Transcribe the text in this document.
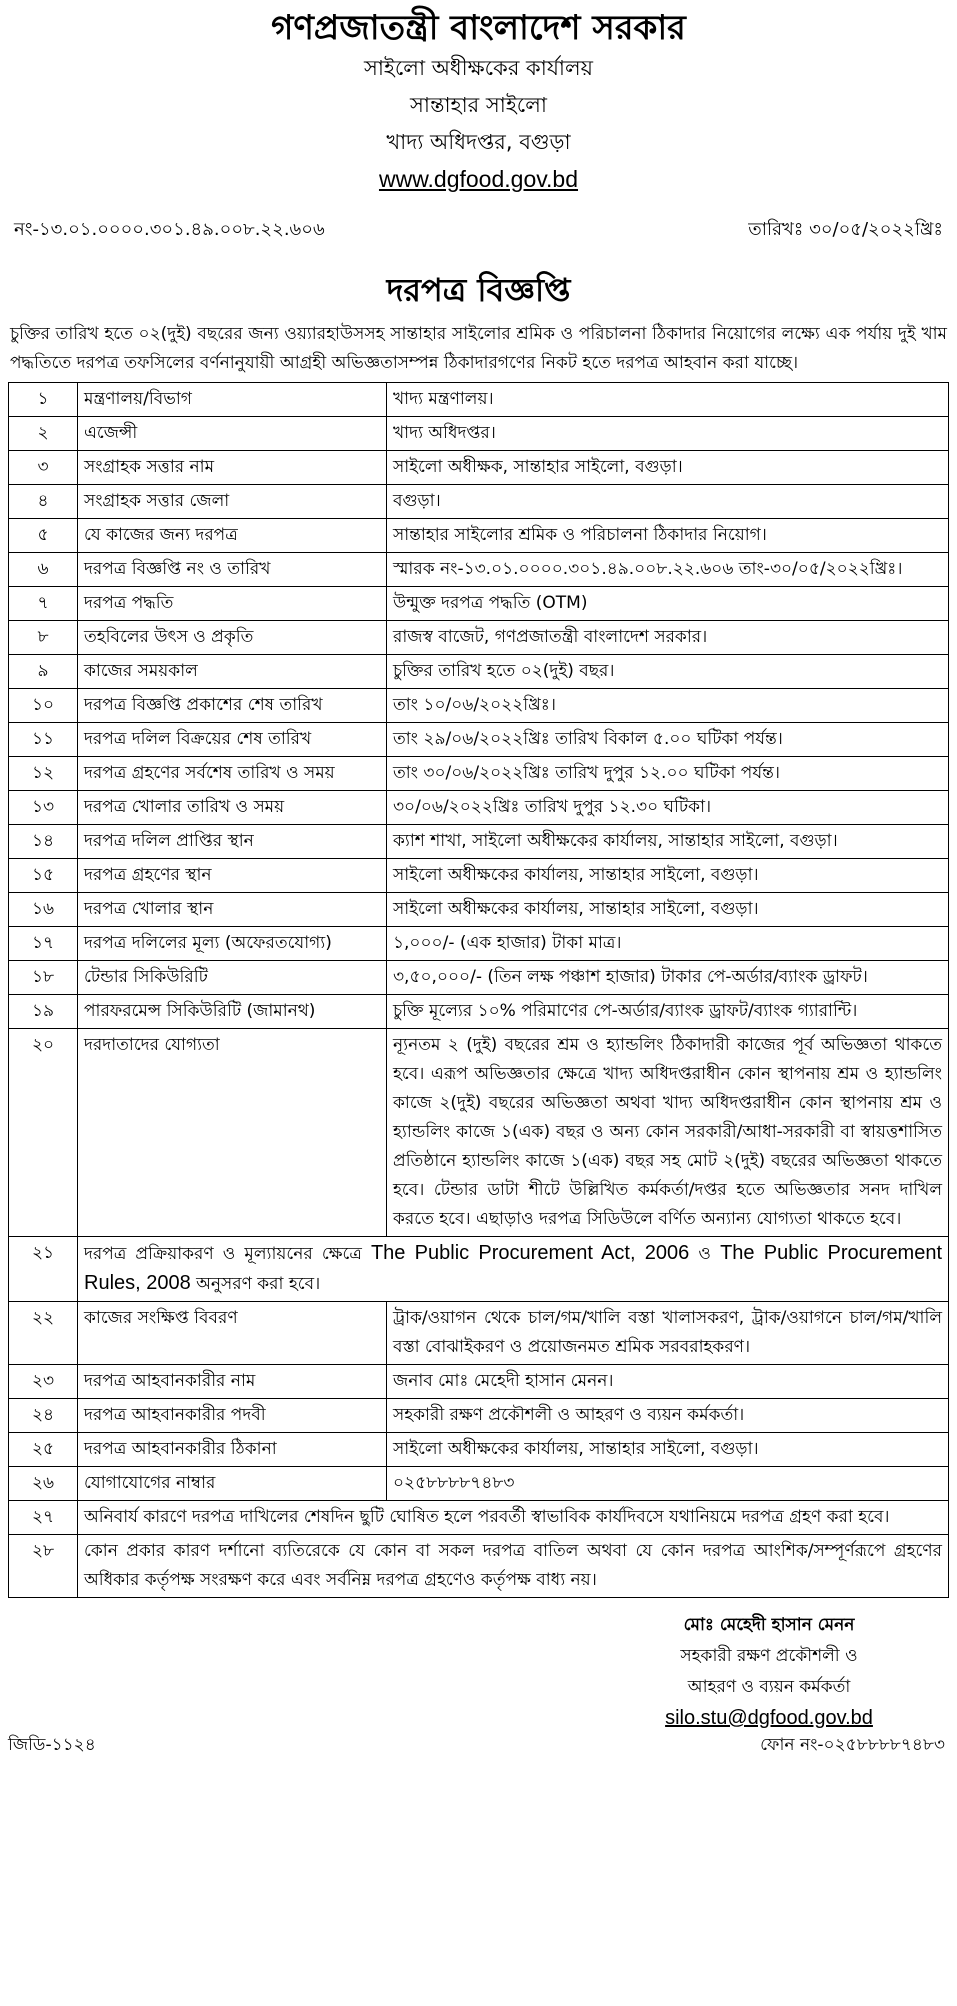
গণপ্রজাতন্ত্রী বাংলাদেশ সরকার
সাইলো অধীক্ষকের কার্যালয়
সান্তাহার সাইলো
খাদ্য অধিদপ্তর, বগুড়া
www.dgfood.gov.bd
নং-১৩.০১.০০০০.৩০১.৪৯.০০৮.২২.৬০৬	তারিখঃ ৩০/০৫/২০২২খ্রিঃ
দরপত্র বিজ্ঞপ্তি
চুক্তির তারিখ হতে ০২(দুই) বছরের জন্য ওয়্যারহাউসসহ সান্তাহার সাইলোর শ্রমিক ও পরিচালনা ঠিকাদার নিয়োগের লক্ষ্যে এক পর্যায় দুই খাম পদ্ধতিতে দরপত্র তফসিলের বর্ণনানুযায়ী আগ্রহী অভিজ্ঞতাসম্পন্ন ঠিকাদারগণের নিকট হতে দরপত্র আহবান করা যাচ্ছে।
১	মন্ত্রণালয়/বিভাগ	খাদ্য মন্ত্রণালয়।
২	এজেন্সী	খাদ্য অধিদপ্তর।
৩	সংগ্রাহক সত্তার নাম	সাইলো অধীক্ষক, সান্তাহার সাইলো, বগুড়া।
৪	সংগ্রাহক সত্তার জেলা	বগুড়া।
৫	যে কাজের জন্য দরপত্র	সান্তাহার সাইলোর শ্রমিক ও পরিচালনা ঠিকাদার নিয়োগ।
৬	দরপত্র বিজ্ঞপ্তি নং ও তারিখ	স্মারক নং-১৩.০১.০০০০.৩০১.৪৯.০০৮.২২.৬০৬ তাং-৩০/০৫/২০২২খ্রিঃ।
৭	দরপত্র পদ্ধতি	উন্মুক্ত দরপত্র পদ্ধতি (OTM)
৮	তহবিলের উৎস ও প্রকৃতি	রাজস্ব বাজেট, গণপ্রজাতন্ত্রী বাংলাদেশ সরকার।
৯	কাজের সময়কাল	চুক্তির তারিখ হতে ০২(দুই) বছর।
১০	দরপত্র বিজ্ঞপ্তি প্রকাশের শেষ তারিখ	তাং ১০/০৬/২০২২খ্রিঃ।
১১	দরপত্র দলিল বিক্রয়ের শেষ তারিখ	তাং ২৯/০৬/২০২২খ্রিঃ তারিখ বিকাল ৫.০০ ঘটিকা পর্যন্ত।
১২	দরপত্র গ্রহণের সর্বশেষ তারিখ ও সময়	তাং ৩০/০৬/২০২২খ্রিঃ তারিখ দুপুর ১২.০০ ঘটিকা পর্যন্ত।
১৩	দরপত্র খোলার তারিখ ও সময়	৩০/০৬/২০২২খ্রিঃ তারিখ দুপুর ১২.৩০ ঘটিকা।
১৪	দরপত্র দলিল প্রাপ্তির স্থান	ক্যাশ শাখা, সাইলো অধীক্ষকের কার্যালয়, সান্তাহার সাইলো, বগুড়া।
১৫	দরপত্র গ্রহণের স্থান	সাইলো অধীক্ষকের কার্যালয়, সান্তাহার সাইলো, বগুড়া।
১৬	দরপত্র খোলার স্থান	সাইলো অধীক্ষকের কার্যালয়, সান্তাহার সাইলো, বগুড়া।
১৭	দরপত্র দলিলের মূল্য (অফেরতযোগ্য)	১,০০০/- (এক হাজার) টাকা মাত্র।
১৮	টেন্ডার সিকিউরিটি	৩,৫০,০০০/- (তিন লক্ষ পঞ্চাশ হাজার) টাকার পে-অর্ডার/ব্যাংক ড্রাফট।
১৯	পারফরমেন্স সিকিউরিটি (জামানথ)	চুক্তি মূল্যের ১০% পরিমাণের পে-অর্ডার/ব্যাংক ড্রাফট/ব্যাংক গ্যারান্টি।
২০	দরদাতাদের যোগ্যতা	ন্যূনতম ২ (দুই) বছরের শ্রম ও হ্যান্ডলিং ঠিকাদারী কাজের পূর্ব অভিজ্ঞতা থাকতে হবে। এরূপ অভিজ্ঞতার ক্ষেত্রে খাদ্য অধিদপ্তরাধীন কোন স্থাপনায় শ্রম ও হ্যান্ডলিং কাজে ২(দুই) বছরের অভিজ্ঞতা অথবা খাদ্য অধিদপ্তরাধীন কোন স্থাপনায় শ্রম ও হ্যান্ডলিং কাজে ১(এক) বছর ও অন্য কোন সরকারী/আধা-সরকারী বা স্বায়ত্তশাসিত প্রতিষ্ঠানে হ্যান্ডলিং কাজে ১(এক) বছর সহ মোট ২(দুই) বছরের অভিজ্ঞতা থাকতে হবে। টেন্ডার ডাটা শীটে উল্লিখিত কর্মকর্তা/দপ্তর হতে অভিজ্ঞতার সনদ দাখিল করতে হবে। এছাড়াও দরপত্র সিডিউলে বর্ণিত অন্যান্য যোগ্যতা থাকতে হবে।
২১	দরপত্র প্রক্রিয়াকরণ ও মূল্যায়নের ক্ষেত্রে The Public Procurement Act, 2006 ও The Public Procurement Rules, 2008 অনুসরণ করা হবে।	
২২	কাজের সংক্ষিপ্ত বিবরণ	ট্রাক/ওয়াগন থেকে চাল/গম/খালি বস্তা খালাসকরণ, ট্রাক/ওয়াগনে চাল/গম/খালি বস্তা বোঝাইকরণ ও প্রয়োজনমত শ্রমিক সরবরাহকরণ।
২৩	দরপত্র আহবানকারীর নাম	জনাব মোঃ মেহেদী হাসান মেনন।
২৪	দরপত্র আহবানকারীর পদবী	সহকারী রক্ষণ প্রকৌশলী ও আহরণ ও ব্যয়ন কর্মকর্তা।
২৫	দরপত্র আহবানকারীর ঠিকানা	সাইলো অধীক্ষকের কার্যালয়, সান্তাহার সাইলো, বগুড়া।
২৬	যোগাযোগের নাম্বার	০২৫৮৮৮৮৭৪৮৩
২৭	অনিবার্য কারণে দরপত্র দাখিলের শেষদিন ছুটি ঘোষিত হলে পরবর্তী স্বাভাবিক কার্যদিবসে যথানিয়মে দরপত্র গ্রহণ করা হবে।	
২৮	কোন প্রকার কারণ দর্শানো ব্যতিরেকে যে কোন বা সকল দরপত্র বাতিল অথবা যে কোন দরপত্র আংশিক/সম্পূর্ণরূপে গ্রহণের অধিকার কর্তৃপক্ষ সংরক্ষণ করে এবং সর্বনিম্ন দরপত্র গ্রহণেও কর্তৃপক্ষ বাধ্য নয়।	
মোঃ মেহেদী হাসান মেনন
সহকারী রক্ষণ প্রকৌশলী ও
আহরণ ও ব্যয়ন কর্মকর্তা
silo.stu@dgfood.gov.bd
জিডি-১১২৪	ফোন নং-০২৫৮৮৮৮৭৪৮৩
